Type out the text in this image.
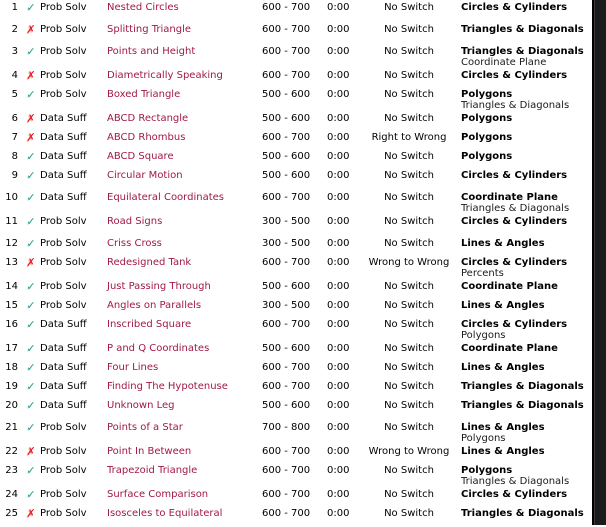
1 ✓ Prob Solv	Nested Circles	600 - 700	0:00	No Switch	Circles & Cylinders
2 ✗ Prob Solv	Splitting Triangle	600 - 700	0:00	No Switch	Triangles & Diagonals
3 ✓ Prob Solv	Points and Height	600 - 700	0:00	No Switch	Triangles & Diagonals
Coordinate Plane
4 ✗ Prob Solv	Diametrically Speaking	600 - 700	0:00	No Switch	Circles & Cylinders
5 ✓ Prob Solv	Boxed Triangle	500 - 600	0:00	No Switch	Polygons
Triangles & Diagonals
6 ✗ Data Suff	ABCD Rectangle	500 - 600	0:00	No Switch	Polygons
7 ✗ Data Suff	ABCD Rhombus	600 - 700	0:00	Right to Wrong	Polygons
8 ✓ Data Suff	ABCD Square	500 - 600	0:00	No Switch	Polygons
9 ✓ Data Suff	Circular Motion	500 - 600	0:00	No Switch	Circles & Cylinders
10 ✓ Data Suff	Equilateral Coordinates	600 - 700	0:00	No Switch	Coordinate Plane
Triangles & Diagonals
11 ✓ Prob Solv	Road Signs	300 - 500	0:00	No Switch	Circles & Cylinders
12 ✓ Prob Solv	Criss Cross	300 - 500	0:00	No Switch	Lines & Angles
13 ✗ Prob Solv	Redesigned Tank	600 - 700	0:00	Wrong to Wrong	Circles & Cylinders
Percents
14 ✓ Prob Solv	Just Passing Through	500 - 600	0:00	No Switch	Coordinate Plane
15 ✓ Prob Solv	Angles on Parallels	300 - 500	0:00	No Switch	Lines & Angles
16 ✓ Data Suff	Inscribed Square	600 - 700	0:00	No Switch	Circles & Cylinders
Polygons
17 ✓ Data Suff	P and Q Coordinates	500 - 600	0:00	No Switch	Coordinate Plane
18 ✓ Data Suff	Four Lines	600 - 700	0:00	No Switch	Lines & Angles
19 ✓ Data Suff	Finding The Hypotenuse	600 - 700	0:00	No Switch	Triangles & Diagonals
20 ✓ Data Suff	Unknown Leg	500 - 600	0:00	No Switch	Triangles & Diagonals
21 ✓ Prob Solv	Points of a Star	700 - 800	0:00	No Switch	Lines & Angles
Polygons
22 ✗ Prob Solv	Point In Between	600 - 700	0:00	Wrong to Wrong	Lines & Angles
23 ✓ Prob Solv	Trapezoid Triangle	600 - 700	0:00	No Switch	Polygons
Triangles & Diagonals
24 ✓ Prob Solv	Surface Comparison	600 - 700	0:00	No Switch	Circles & Cylinders
25 ✗ Prob Solv	Isosceles to Equilateral	600 - 700	0:00	No Switch	Triangles & Diagonals
